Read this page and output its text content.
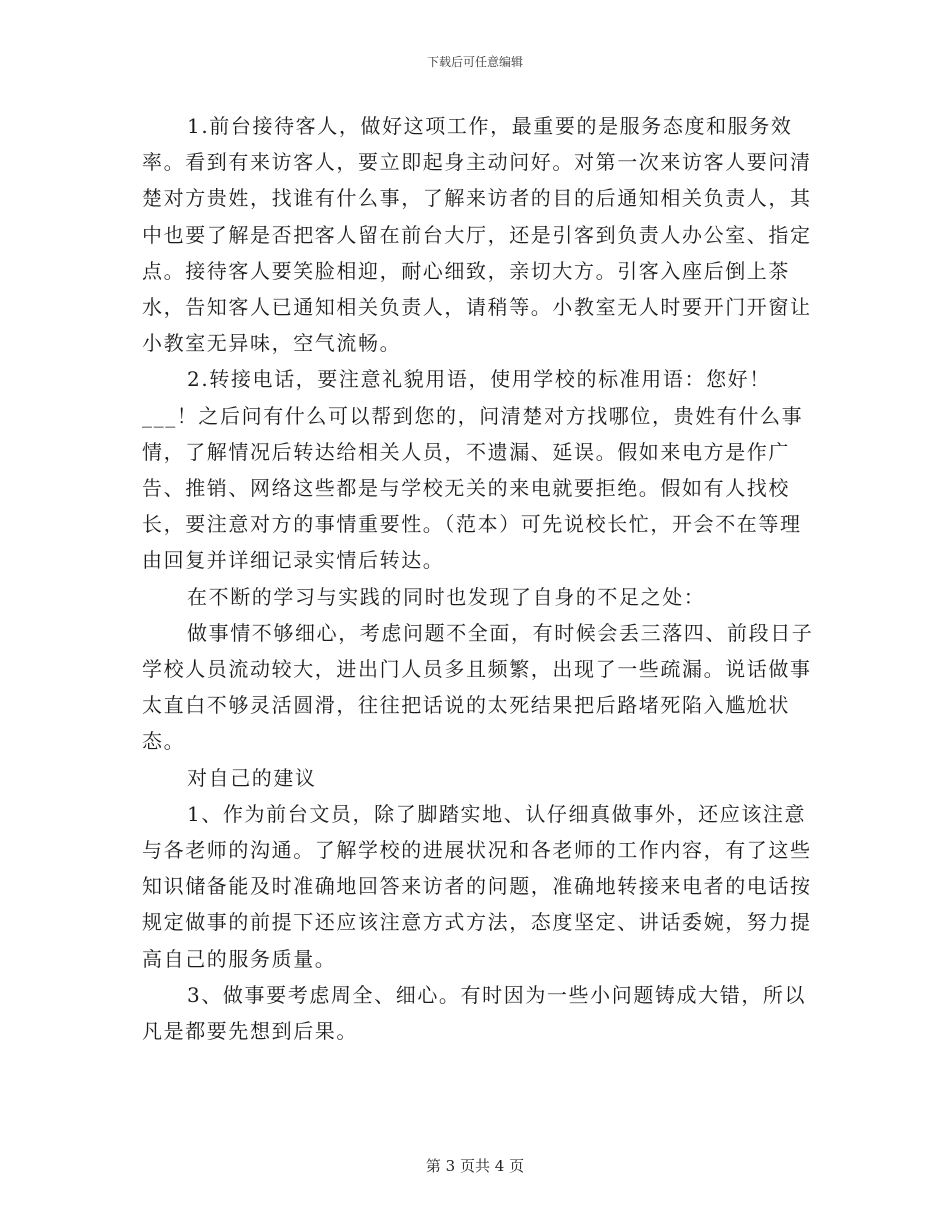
下载后可任意编辑

1.前台接待客人，做好这项工作，最重要的是服务态度和服务效率。看到有来访客人，要立即起身主动问好。对第一次来访客人要问清楚对方贵姓，找谁有什么事，了解来访者的目的后通知相关负责人，其中也要了解是否把客人留在前台大厅，还是引客到负责人办公室、指定点。接待客人要笑脸相迎，耐心细致，亲切大方。引客入座后倒上茶水，告知客人已通知相关负责人，请稍等。小教室无人时要开门开窗让小教室无异味，空气流畅。

2.转接电话，要注意礼貌用语，使用学校的标准用语：您好！___！之后问有什么可以帮到您的，问清楚对方找哪位，贵姓有什么事情，了解情况后转达给相关人员，不遗漏、延误。假如来电方是作广告、推销、网络这些都是与学校无关的来电就要拒绝。假如有人找校长，要注意对方的事情重要性。（范本）可先说校长忙，开会不在等理由回复并详细记录实情后转达。

在不断的学习与实践的同时也发现了自身的不足之处：

做事情不够细心，考虑问题不全面，有时候会丢三落四、前段日子学校人员流动较大，进出门人员多且频繁，出现了一些疏漏。说话做事太直白不够灵活圆滑，往往把话说的太死结果把后路堵死陷入尴尬状态。

对自己的建议

1、作为前台文员，除了脚踏实地、认仔细真做事外，还应该注意与各老师的沟通。了解学校的进展状况和各老师的工作内容，有了这些知识储备能及时准确地回答来访者的问题，准确地转接来电者的电话按规定做事的前提下还应该注意方式方法，态度坚定、讲话委婉，努力提高自己的服务质量。

3、做事要考虑周全、细心。有时因为一些小问题铸成大错，所以凡是都要先想到后果。

第 3 页共 4 页
